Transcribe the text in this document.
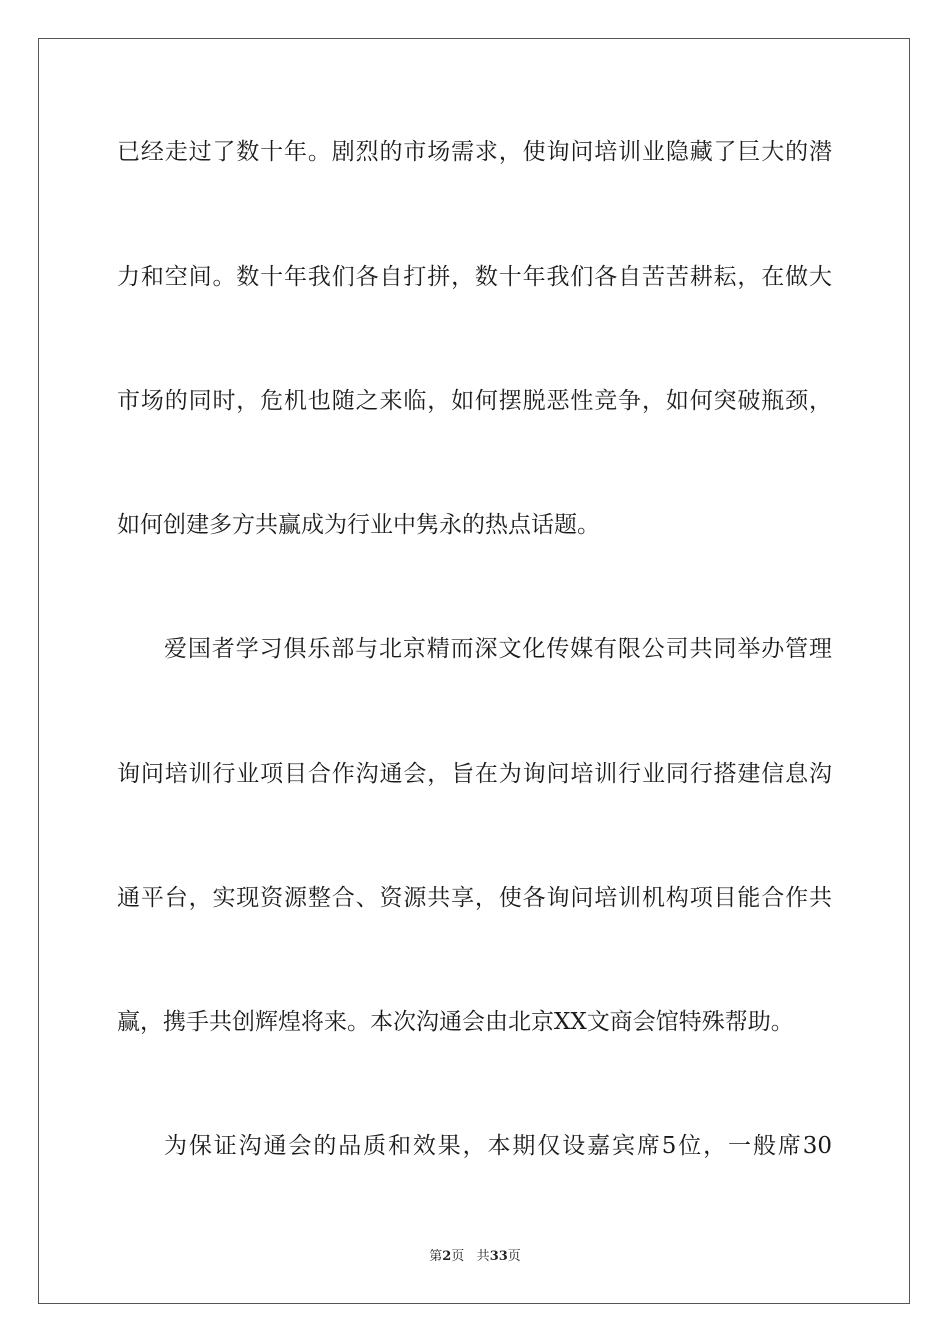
已经走过了数十年。剧烈的市场需求，使询问培训业隐藏了巨大的潜
力和空间。数十年我们各自打拼，数十年我们各自苦苦耕耘，在做大
市场的同时，危机也随之来临，如何摆脱恶性竞争，如何突破瓶颈，
如何创建多方共赢成为行业中隽永的热点话题。
爱国者学习俱乐部与北京精而深文化传媒有限公司共同举办管理
询问培训行业项目合作沟通会，旨在为询问培训行业同行搭建信息沟
通平台，实现资源整合、资源共享，使各询问培训机构项目能合作共
赢，携手共创辉煌将来。本次沟通会由北京XX文商会馆特殊帮助。
为保证沟通会的品质和效果，本期仅设嘉宾席5位，一般席30
第2页 共33页
